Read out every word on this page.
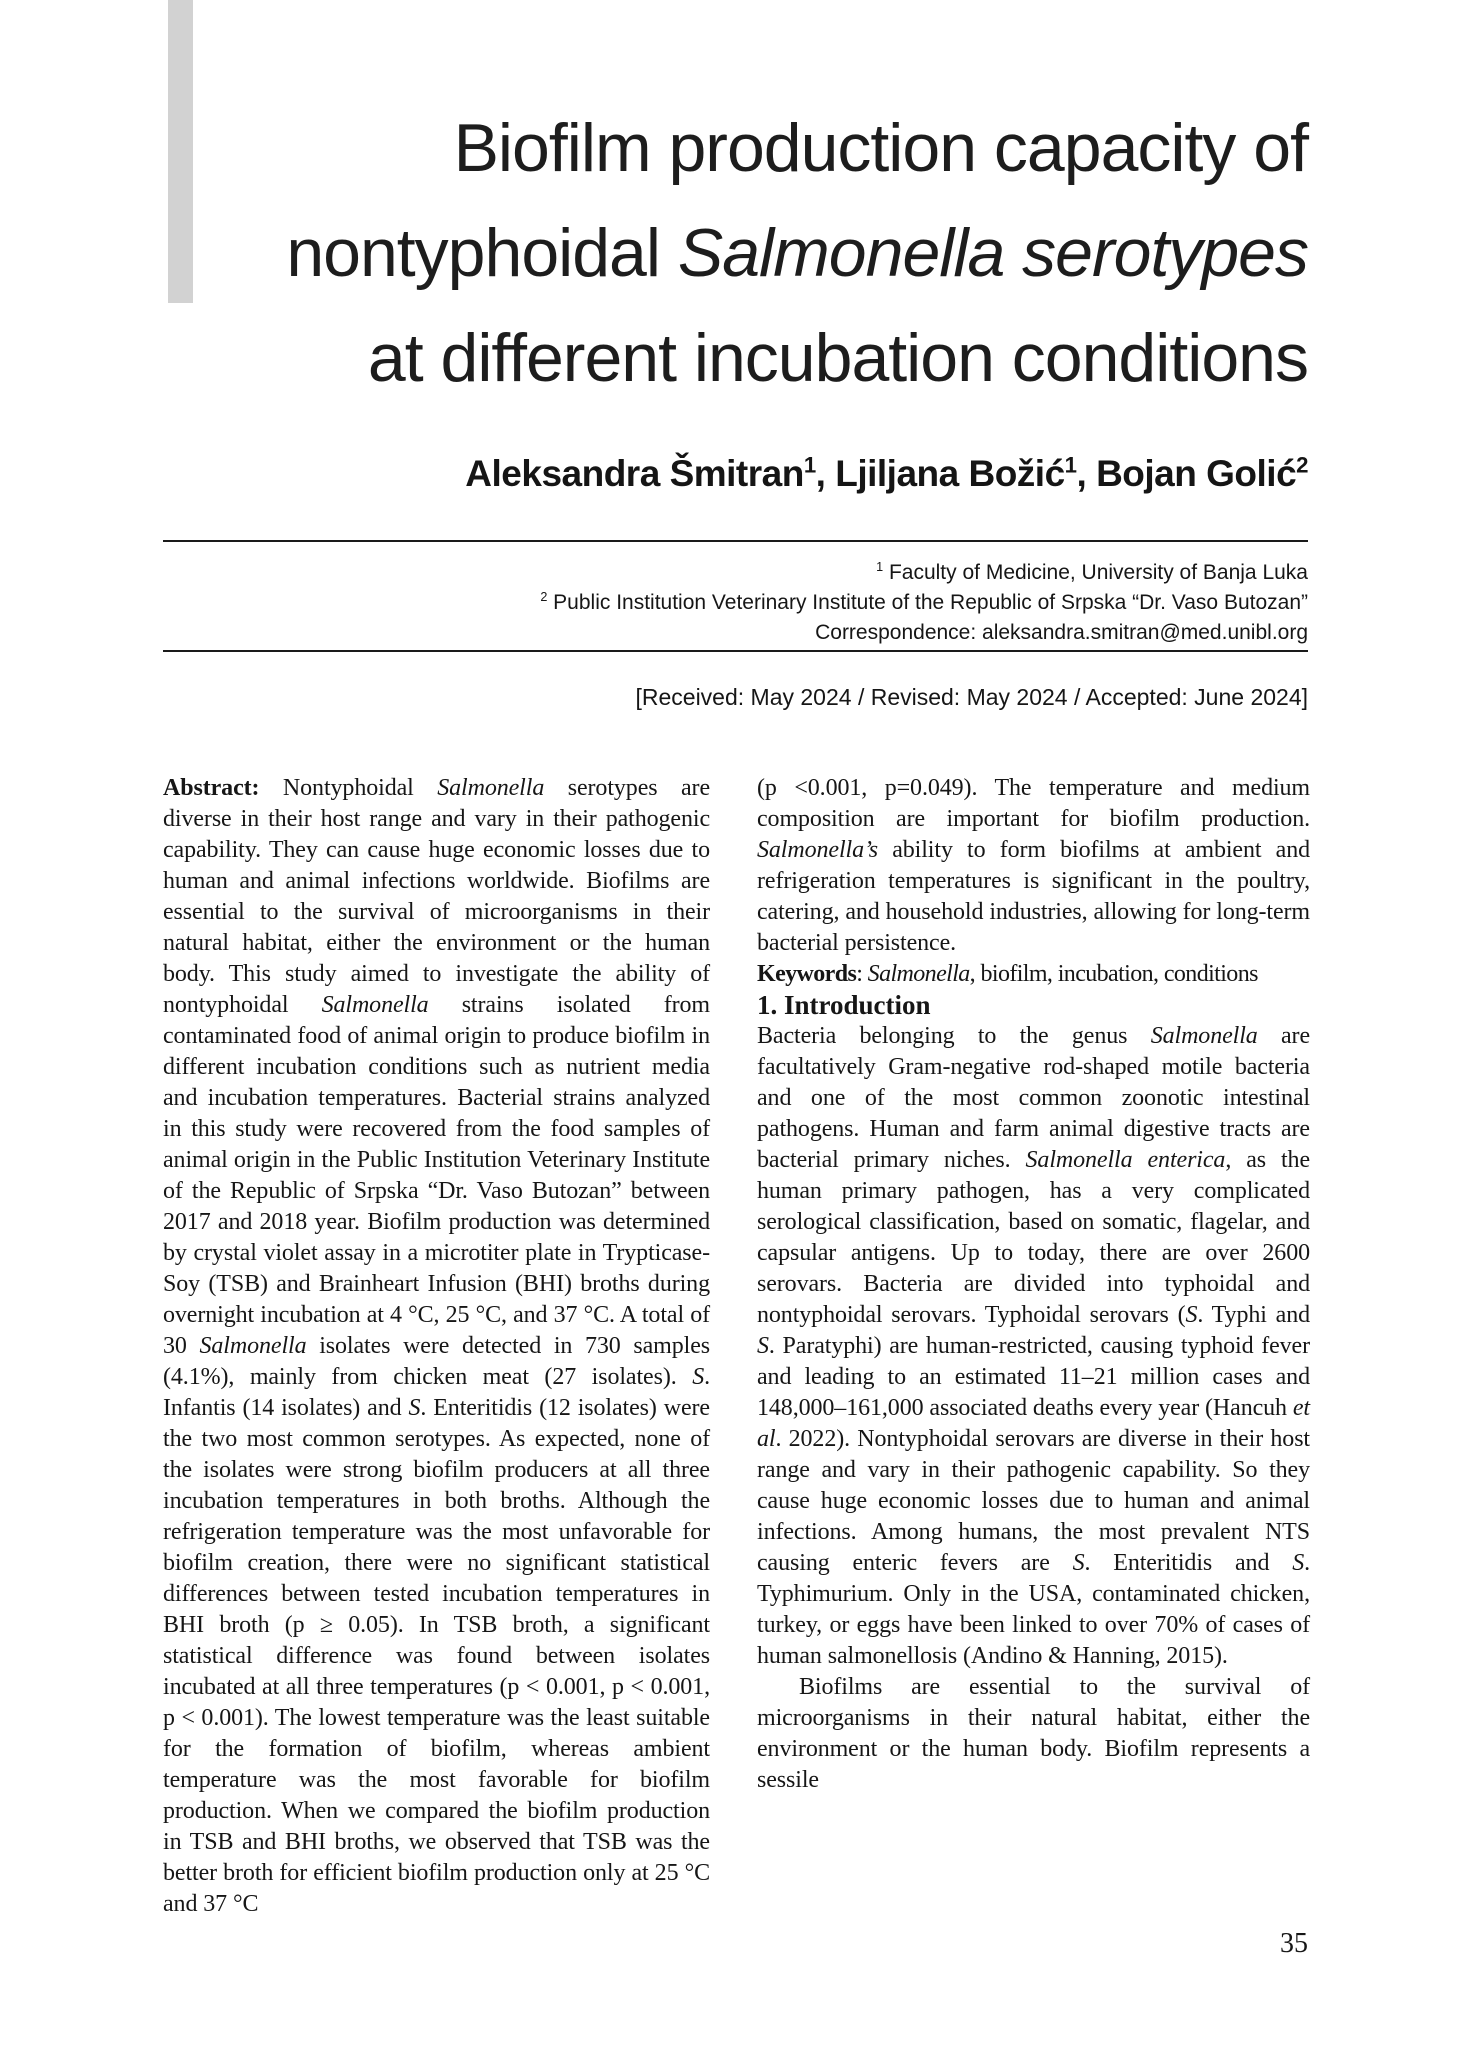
Biofilm production capacity of
nontyphoidal Salmonella serotypes
at different incubation conditions
Aleksandra Šmitran$^1$, Ljiljana Božić$^1$, Bojan Golić$^2$
$^1$ Faculty of Medicine, University of Banja Luka
$^2$ Public Institution Veterinary Institute of the Republic of Srpska “Dr. Vaso Butozan”
Correspondence: aleksandra.smitran@med.unibl.org
[Received: May 2024 / Revised: May 2024 / Accepted: June 2024]

Abstract: Nontyphoidal Salmonella serotypes are diverse in their host range and vary in their pathogenic capability. They can cause huge economic losses due to human and animal infections worldwide. Biofilms are essential to the survival of microorganisms in their natural habitat, either the environment or the human body. This study aimed to investigate the ability of nontyphoidal Salmonella strains isolated from contaminated food of animal origin to produce biofilm in different incubation conditions such as nutrient media and incubation temperatures. Bacterial strains analyzed in this study were recovered from the food samples of animal origin in the Public Institution Veterinary Institute of the Republic of Srpska “Dr. Vaso Butozan” between 2017 and 2018 year. Biofilm production was determined by crystal violet assay in a microtiter plate in Trypticase-Soy (TSB) and Brainheart Infusion (BHI) broths during overnight incubation at 4 °C, 25 °C, and 37 °C. A total of 30 Salmonella isolates were detected in 730 samples (4.1%), mainly from chicken meat (27 isolates). S. Infantis (14 isolates) and S. Enteritidis (12 isolates) were the two most common serotypes. As expected, none of the isolates were strong biofilm producers at all three incubation temperatures in both broths. Although the refrigeration temperature was the most unfavorable for biofilm creation, there were no significant statistical differences between tested incubation temperatures in BHI broth (p ≥ 0.05). In TSB broth, a significant statistical difference was found between isolates incubated at all three temperatures (p < 0.001, p < 0.001, p < 0.001). The lowest temperature was the least suitable for the formation of biofilm, whereas ambient temperature was the most favorable for biofilm production. When we compared the biofilm production in TSB and BHI broths, we observed that TSB was the better broth for efficient biofilm production only at 25 °C and 37 °C

(p <0.001, p=0.049). The temperature and medium composition are important for biofilm production. Salmonella’s ability to form biofilms at ambient and refrigeration temperatures is significant in the poultry, catering, and household industries, allowing for long-term bacterial persistence.

Keywords: Salmonella, biofilm, incubation, conditions

1. Introduction

Bacteria belonging to the genus Salmonella are facultatively Gram-negative rod-shaped motile bacteria and one of the most common zoonotic intestinal pathogens. Human and farm animal digestive tracts are bacterial primary niches. Salmonella enterica, as the human primary pathogen, has a very complicated serological classification, based on somatic, flagelar, and capsular antigens. Up to today, there are over 2600 serovars. Bacteria are divided into typhoidal and nontyphoidal serovars. Typhoidal serovars (S. Typhi and S. Paratyphi) are human-restricted, causing typhoid fever and leading to an estimated 11–21 million cases and 148,000–161,000 associated deaths every year (Hancuh et al. 2022). Nontyphoidal serovars are diverse in their host range and vary in their pathogenic capability. So they cause huge economic losses due to human and animal infections. Among humans, the most prevalent NTS causing enteric fevers are S. Enteritidis and S. Typhimurium. Only in the USA, contaminated chicken, turkey, or eggs have been linked to over 70% of cases of human salmonellosis (Andino & Hanning, 2015).

Biofilms are essential to the survival of microorganisms in their natural habitat, either the environment or the human body. Biofilm represents a sessile

35
